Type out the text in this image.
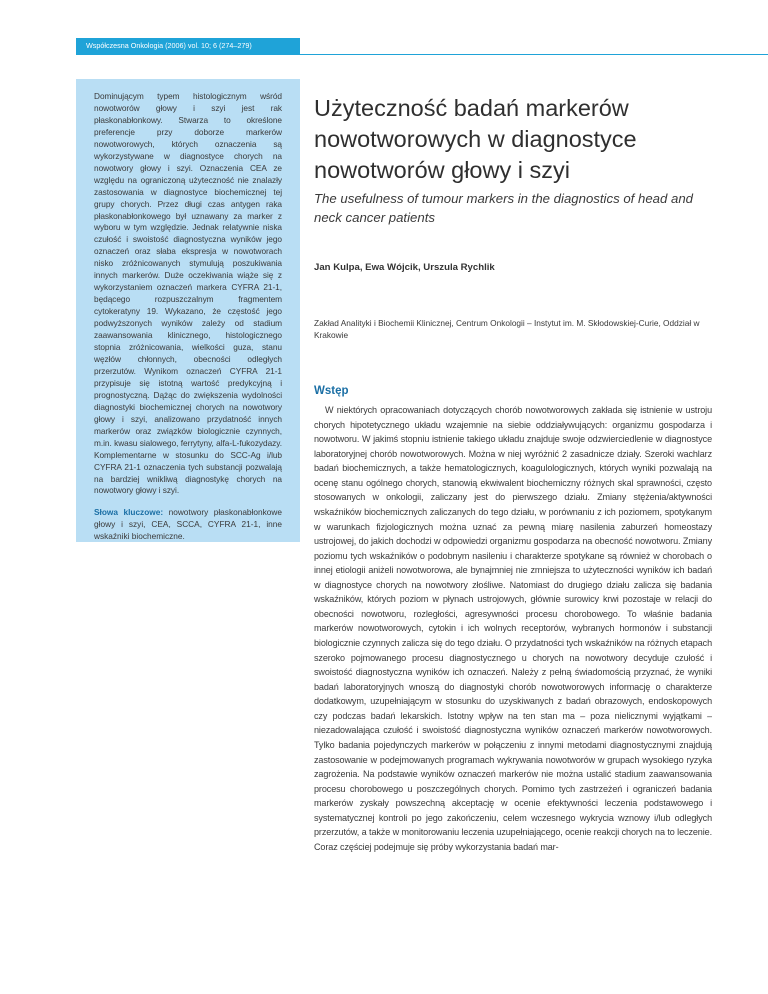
Współczesna Onkologia (2006) vol. 10; 6 (274–279)

Dominującym typem histologicznym wśród nowotworów głowy i szyi jest rak płaskonabłonkowy. Stwarza to określone preferencje przy doborze markerów nowotworowych, których oznaczenia są wykorzystywane w diagnostyce chorych na nowotwory głowy i szyi. Oznaczenia CEA ze względu na ograniczoną użyteczność nie znalazły zastosowania w diagnostyce biochemicznej tej grupy chorych. Przez długi czas antygen raka płaskonabłonkowego był uznawany za marker z wyboru w tym względzie. Jednak relatywnie niska czułość i swoistość diagnostyczna wyników jego oznaczeń oraz słaba ekspresja w nowotworach nisko zróżnicowanych stymulują poszukiwania innych markerów. Duże oczekiwania wiąże się z wykorzystaniem oznaczeń markera CYFRA 21-1, będącego rozpuszczalnym fragmentem cytokeratyny 19. Wykazano, że częstość jego podwyższonych wyników zależy od stadium zaawansowania klinicznego, histologicznego stopnia zróżnicowania, wielkości guza, stanu węzłów chłonnych, obecności odległych przerzutów. Wynikom oznaczeń CYFRA 21-1 przypisuje się istotną wartość predykcyjną i prognostyczną. Dążąc do zwiększenia wydolności diagnostyki biochemicznej chorych na nowotwory głowy i szyi, analizowano przydatność innych markerów oraz związków biologicznie czynnych, m.in. kwasu sialowego, ferrytyny, alfa-L-fukozydazy. Komplementarne w stosunku do SCC-Ag i/lub CYFRA 21-1 oznaczenia tych substancji pozwalają na bardziej wnikliwą diagnostykę chorych na nowotwory głowy i szyi.

Słowa kluczowe: nowotwory płaskonabłonkowe głowy i szyi, CEA, SCCA, CYFRA 21-1, inne wskaźniki biochemiczne.

Użyteczność badań markerów nowotworowych w diagnostyce nowotworów głowy i szyi

The usefulness of tumour markers in the diagnostics of head and neck cancer patients

Jan Kulpa, Ewa Wójcik, Urszula Rychlik

Zakład Analityki i Biochemii Klinicznej, Centrum Onkologii – Instytut im. M. Skłodowskiej-Curie, Oddział w Krakowie

Wstęp

W niektórych opracowaniach dotyczących chorób nowotworowych zakłada się istnienie w ustroju chorych hipotetycznego układu wzajemnie na siebie oddziaływujących: organizmu gospodarza i nowotworu. W jakimś stopniu istnienie takiego układu znajduje swoje odzwierciedlenie w diagnostyce laboratoryjnej chorób nowotworowych. Można w niej wyróżnić 2 zasadnicze działy. Szeroki wachlarz badań biochemicznych, a także hematologicznych, koagulologicznych, których wyniki pozwalają na ocenę stanu ogólnego chorych, stanowią ekwiwalent biochemiczny różnych skal sprawności, często stosowanych w onkologii, zaliczany jest do pierwszego działu. Zmiany stężenia/aktywności wskaźników biochemicznych zaliczanych do tego działu, w porównaniu z ich poziomem, spotykanym w warunkach fizjologicznych można uznać za pewną miarę nasilenia zaburzeń homeostazy ustrojowej, do jakich dochodzi w odpowiedzi organizmu gospodarza na obecność nowotworu. Zmiany poziomu tych wskaźników o podobnym nasileniu i charakterze spotykane są również w chorobach o innej etiologii aniżeli nowotworowa, ale bynajmniej nie zmniejsza to użyteczności wyników ich badań w diagnostyce chorych na nowotwory złośliwe. Natomiast do drugiego działu zalicza się badania wskaźników, których poziom w płynach ustrojowych, głównie surowicy krwi pozostaje w relacji do obecności nowotworu, rozległości, agresywności procesu chorobowego. To właśnie badania markerów nowotworowych, cytokin i ich wolnych receptorów, wybranych hormonów i substancji biologicznie czynnych zalicza się do tego działu. O przydatności tych wskaźników na różnych etapach szeroko pojmowanego procesu diagnostycznego u chorych na nowotwory decyduje czułość i swoistość diagnostyczna wyników ich oznaczeń. Należy z pełną świadomością przyznać, że wyniki badań laboratoryjnych wnoszą do diagnostyki chorób nowotworowych informację o charakterze dodatkowym, uzupełniającym w stosunku do uzyskiwanych z badań obrazowych, endoskopowych czy podczas badań lekarskich. Istotny wpływ na ten stan ma – poza nielicznymi wyjątkami – niezadowalająca czułość i swoistość diagnostyczna wyników oznaczeń markerów nowotworowych. Tylko badania pojedynczych markerów w połączeniu z innymi metodami diagnostycznymi znajdują zastosowanie w podejmowanych programach wykrywania nowotworów w grupach wysokiego ryzyka zagrożenia. Na podstawie wyników oznaczeń markerów nie można ustalić stadium zaawansowania procesu chorobowego u poszczególnych chorych. Pomimo tych zastrzeżeń i ograniczeń badania markerów zyskały powszechną akceptację w ocenie efektywności leczenia podstawowego i systematycznej kontroli po jego zakończeniu, celem wczesnego wykrycia wznowy i/lub odległych przerzutów, a także w monitorowaniu leczenia uzupełniającego, ocenie reakcji chorych na to leczenie. Coraz częściej podejmuje się próby wykorzystania badań mar-
